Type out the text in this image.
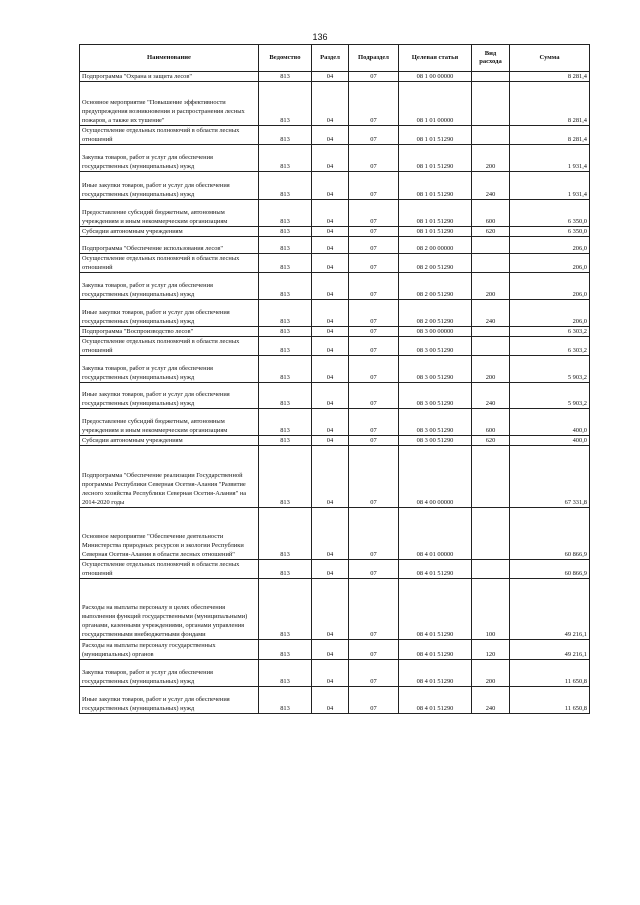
136
Наименование	Ведомство	Раздел	Подраздел	Целевая статья	Вид расхода	Сумма
Подпрограмма "Охрана и защита лесов"	813	04	07	08 1 00 00000		8 281,4
Основное мероприятие "Повышение эффективности предупреждения возникновения и распространения лесных пожаров, а также их тушение"	813	04	07	08 1 01 00000		8 281,4
Осуществление отдельных полномочий в области лесных отношений	813	04	07	08 1 01 51290		8 281,4
Закупка товаров, работ и услуг для обеспечения государственных (муниципальных) нужд	813	04	07	08 1 01 51290	200	1 931,4
Иные закупки товаров, работ и услуг для обеспечения государственных (муниципальных) нужд	813	04	07	08 1 01 51290	240	1 931,4
Предоставление субсидий бюджетным, автономным учреждениям и иным некоммерческим организациям	813	04	07	08 1 01 51290	600	6 350,0
Субсидии автономным учреждениям	813	04	07	08 1 01 51290	620	6 350,0
Подпрограмма "Обеспечение использования лесов"	813	04	07	08 2 00 00000		206,0
Осуществление отдельных полномочий в области лесных отношений	813	04	07	08 2 00 51290		206,0
Закупка товаров, работ и услуг для обеспечения государственных (муниципальных) нужд	813	04	07	08 2 00 51290	200	206,0
Иные закупки товаров, работ и услуг для обеспечения государственных (муниципальных) нужд	813	04	07	08 2 00 51290	240	206,0
Подпрограмма "Воспроизводство лесов"	813	04	07	08 3 00 00000		6 303,2
Осуществление отдельных полномочий в области лесных отношений	813	04	07	08 3 00 51290		6 303,2
Закупка товаров, работ и услуг для обеспечения государственных (муниципальных) нужд	813	04	07	08 3 00 51290	200	5 903,2
Иные закупки товаров, работ и услуг для обеспечения государственных (муниципальных) нужд	813	04	07	08 3 00 51290	240	5 903,2
Предоставление субсидий бюджетным, автономным учреждениям и иным некоммерческим организациям	813	04	07	08 3 00 51290	600	400,0
Субсидии автономным учреждениям	813	04	07	08 3 00 51290	620	400,0
Подпрограмма "Обеспечение реализации Государственной программы Республики Северная Осетия-Алания "Развитие лесного хозяйства Республики Северная Осетия-Алания" на 2014-2020 годы	813	04	07	08 4 00 00000		67 331,8
Основное мероприятие "Обеспечение деятельности Министерства природных ресурсов и экологии Республики Северная Осетия-Алания в области лесных отношений"	813	04	07	08 4 01 00000		60 866,9
Осуществление отдельных полномочий в области лесных отношений	813	04	07	08 4 01 51290		60 866,9
Расходы на выплаты персоналу в целях обеспечения выполнения функций государственными (муниципальными) органами, казенными учреждениями, органами управления государственными внебюджетными фондами	813	04	07	08 4 01 51290	100	49 216,1
Расходы на выплаты персоналу государственных (муниципальных) органов	813	04	07	08 4 01 51290	120	49 216,1
Закупка товаров, работ и услуг для обеспечения государственных (муниципальных) нужд	813	04	07	08 4 01 51290	200	11 650,8
Иные закупки товаров, работ и услуг для обеспечения государственных (муниципальных) нужд	813	04	07	08 4 01 51290	240	11 650,8
